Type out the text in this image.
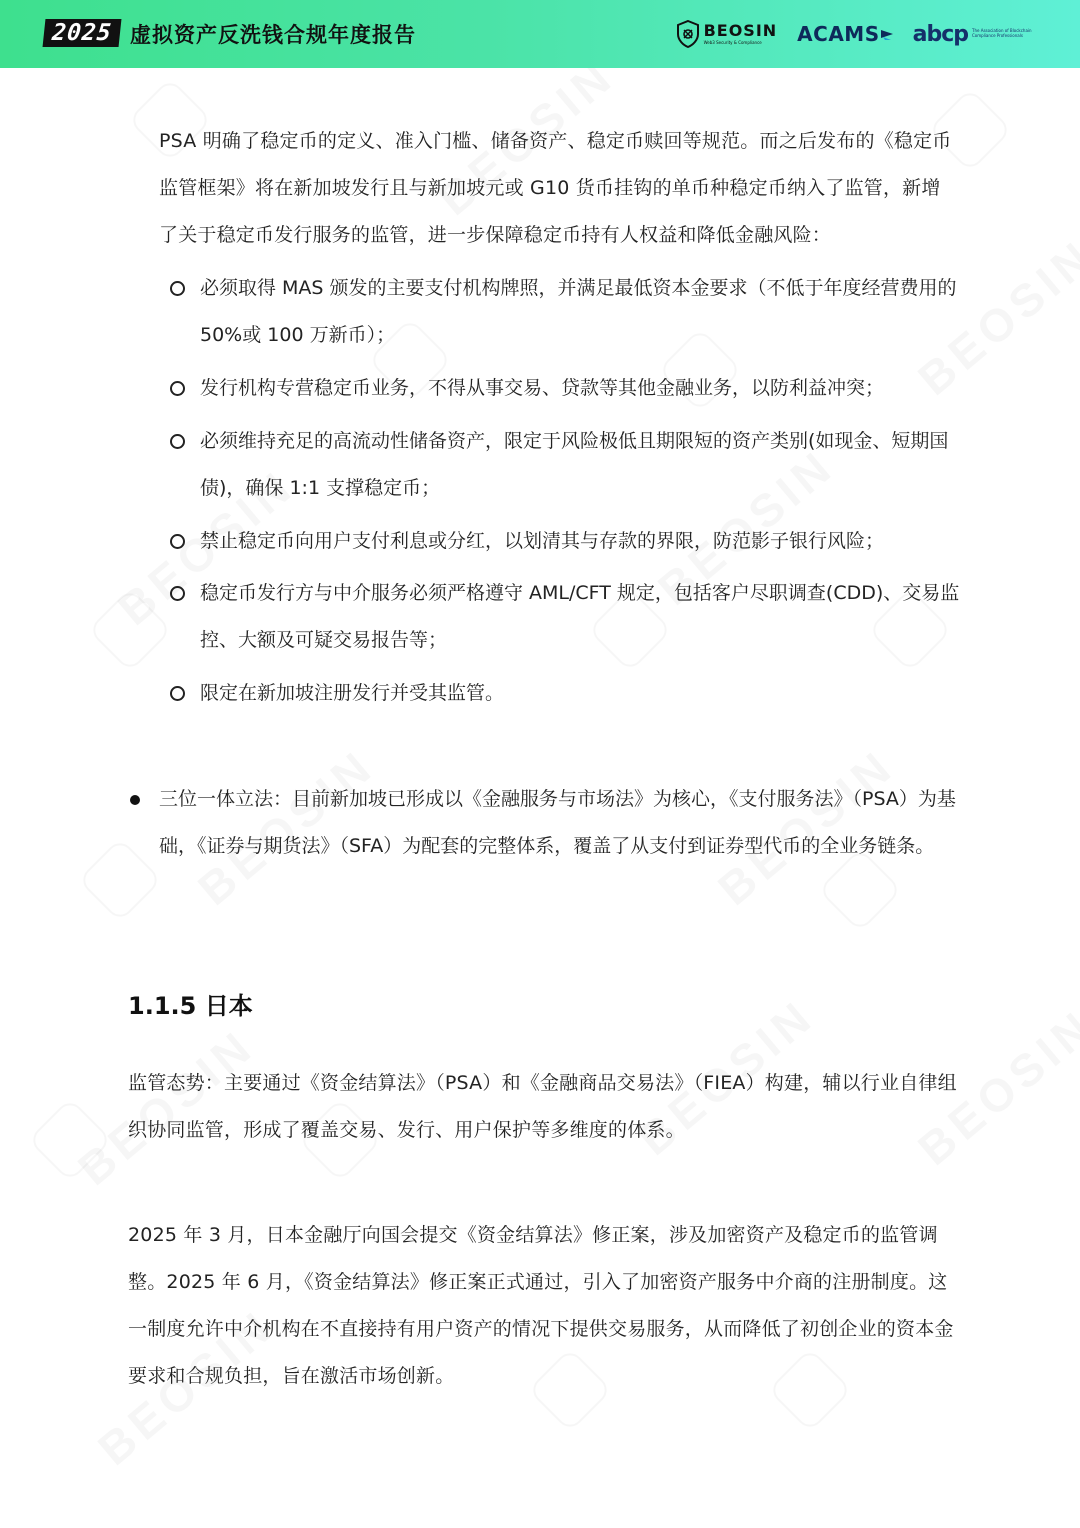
2025 虚拟资产反洗钱合规年度报告	BEOSIN
Web3 Security & Compliance	ACAMS abcp The Association of Blockchain Compliance Professionals
PSA 明确了稳定币的定义、准入门槛、储备资产、稳定币赎回等规范。而之后发布的《稳定币监管框架》将在新加坡发行且与新加坡元或 G10 货币挂钩的单币种稳定币纳入了监管，新增了关于稳定币发行服务的监管，进一步保障稳定币持有人权益和降低金融风险：
必须取得 MAS 颁发的主要支付机构牌照，并满足最低资本金要求（不低于年度经营费用的 50%或 100 万新币）；
发行机构专营稳定币业务，不得从事交易、贷款等其他金融业务，以防利益冲突；
必须维持充足的高流动性储备资产，限定于风险极低且期限短的资产类别(如现金、短期国债)，确保 1:1 支撑稳定币；
禁止稳定币向用户支付利息或分红，以划清其与存款的界限，防范影子银行风险；
稳定币发行方与中介服务必须严格遵守 AML/CFT 规定，包括客户尽职调查(CDD)、交易监控、大额及可疑交易报告等；
限定在新加坡注册发行并受其监管。
三位一体立法：目前新加坡已形成以《金融服务与市场法》为核心，《支付服务法》（PSA）为基础，《证券与期货法》（SFA）为配套的完整体系，覆盖了从支付到证券型代币的全业务链条。
1.1.5 日本
监管态势：主要通过《资金结算法》（PSA）和《金融商品交易法》（FIEA）构建，辅以行业自律组织协同监管，形成了覆盖交易、发行、用户保护等多维度的体系。
2025 年 3 月，日本金融厅向国会提交《资金结算法》修正案，涉及加密资产及稳定币的监管调整。2025 年 6 月，《资金结算法》修正案正式通过，引入了加密资产服务中介商的注册制度。这一制度允许中介机构在不直接持有用户资产的情况下提供交易服务，从而降低了初创企业的资本金要求和合规负担，旨在激活市场创新。
